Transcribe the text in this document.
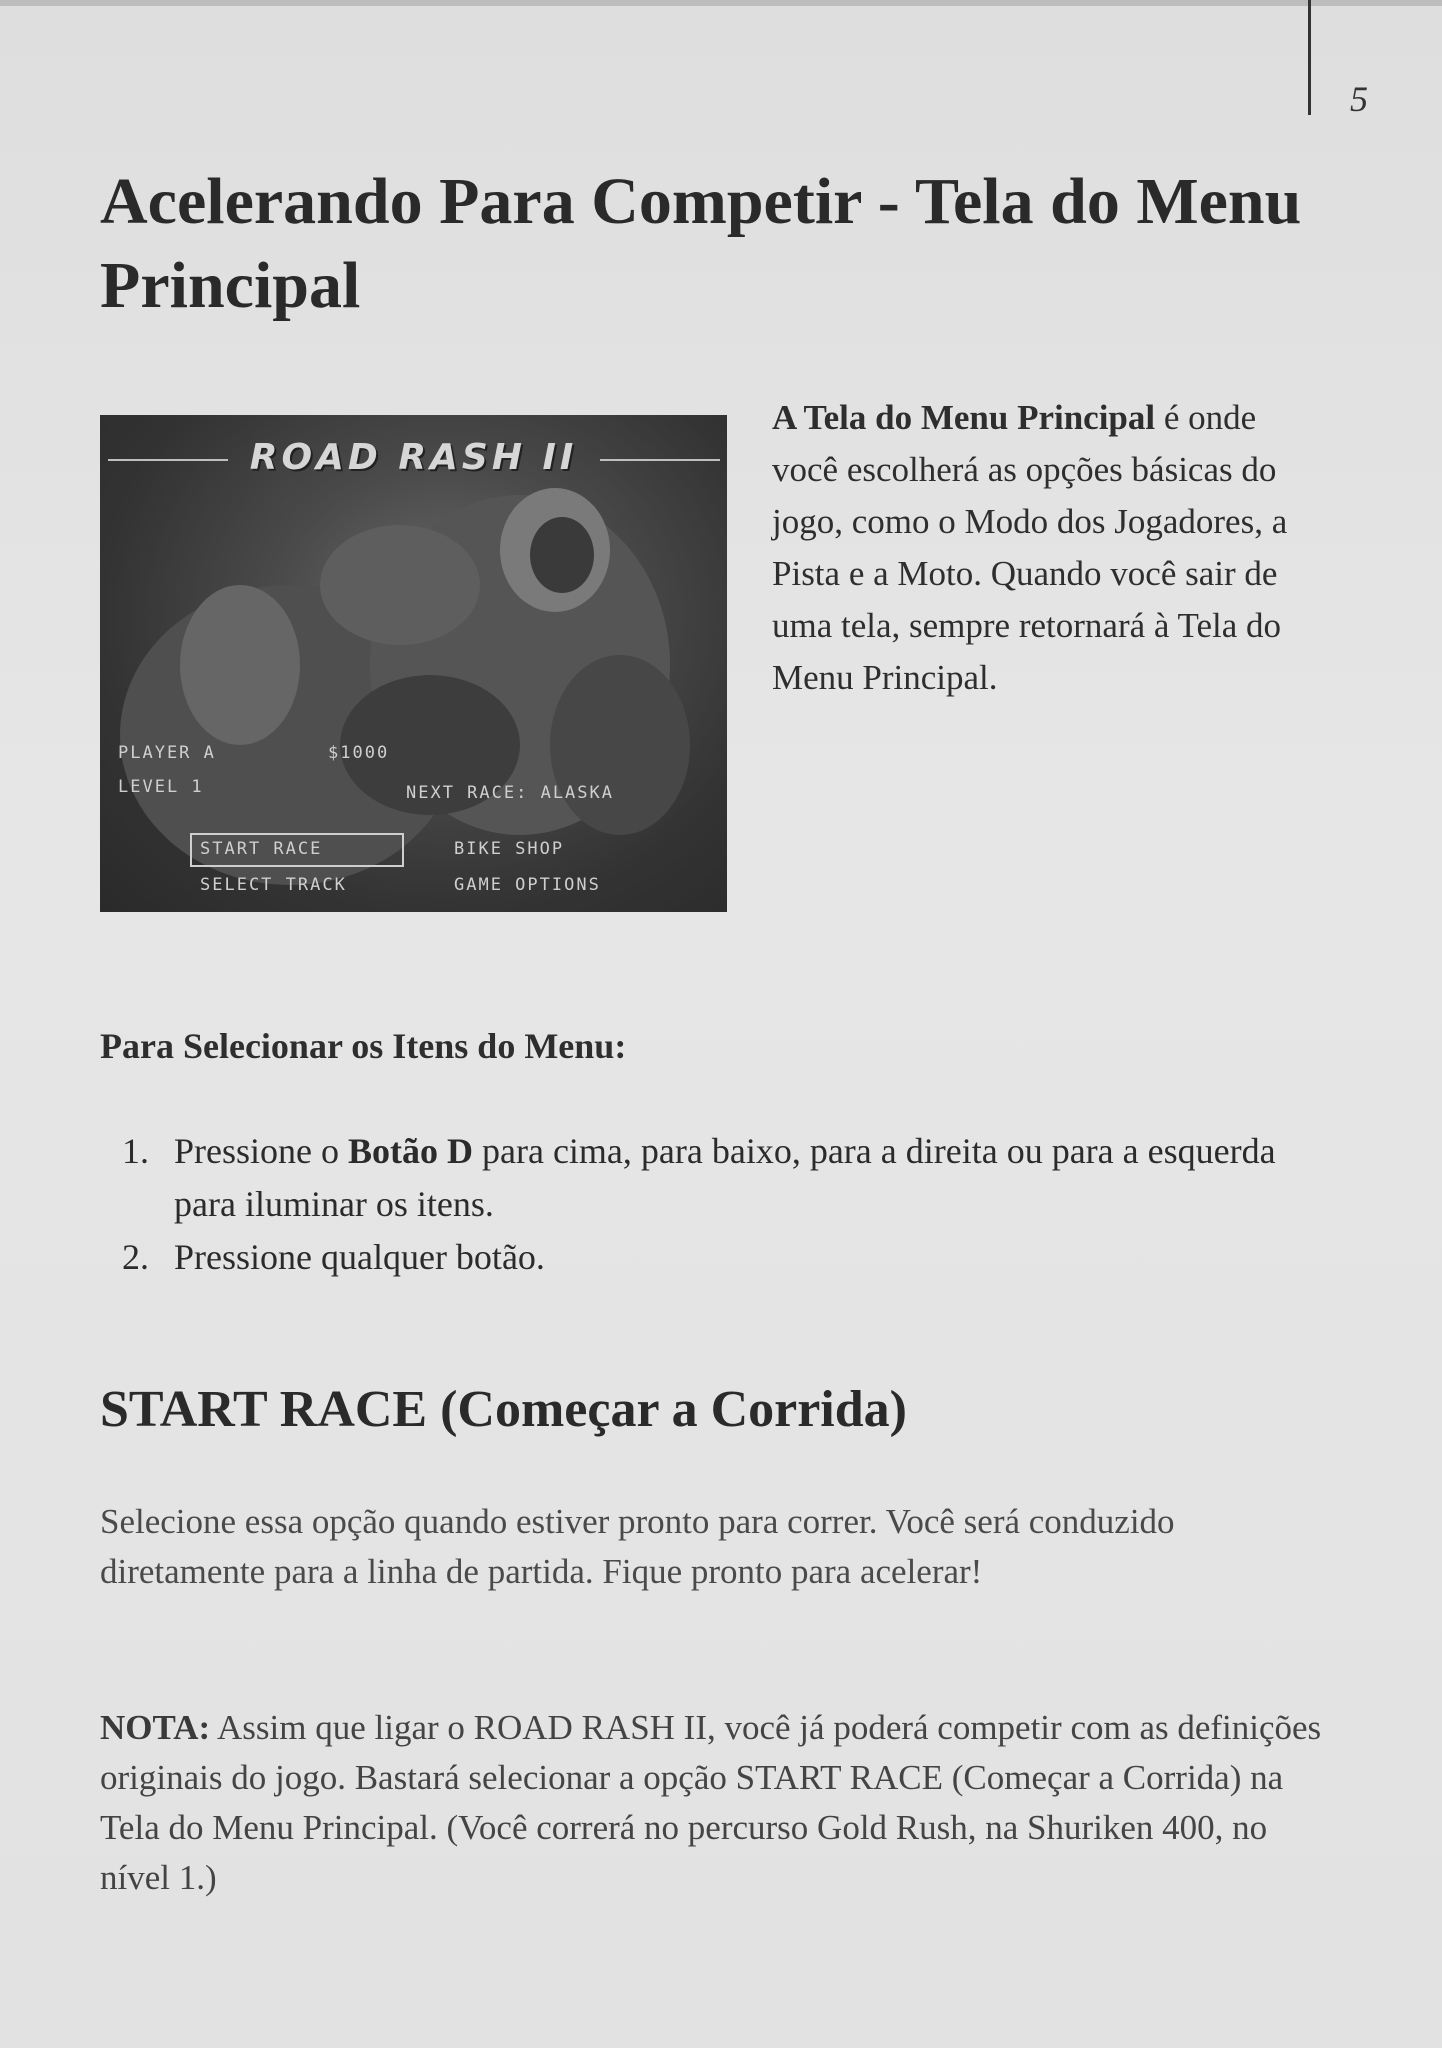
5
Acelerando Para Competir - Tela do Menu Principal
ROAD RASH II
PLAYER A	$1000
LEVEL 1	NEXT RACE: ALASKA
START RACE	BIKE SHOP
SELECT TRACK	GAME OPTIONS

A Tela do Menu Principal é onde você escolherá as opções básicas do jogo, como o Modo dos Jogadores, a Pista e a Moto. Quando você sair de uma tela, sempre retornará à Tela do Menu Principal.

Para Selecionar os Itens do Menu:
1. Pressione o Botão D para cima, para baixo, para a direita ou para a esquerda para iluminar os itens.
2. Pressione qualquer botão.
START RACE (Começar a Corrida)

Selecione essa opção quando estiver pronto para correr. Você será conduzido diretamente para a linha de partida. Fique pronto para acelerar!

NOTA: Assim que ligar o ROAD RASH II, você já poderá competir com as definições originais do jogo. Bastará selecionar a opção START RACE (Começar a Corrida) na Tela do Menu Principal. (Você correrá no percurso Gold Rush, na Shuriken 400, no nível 1.)
